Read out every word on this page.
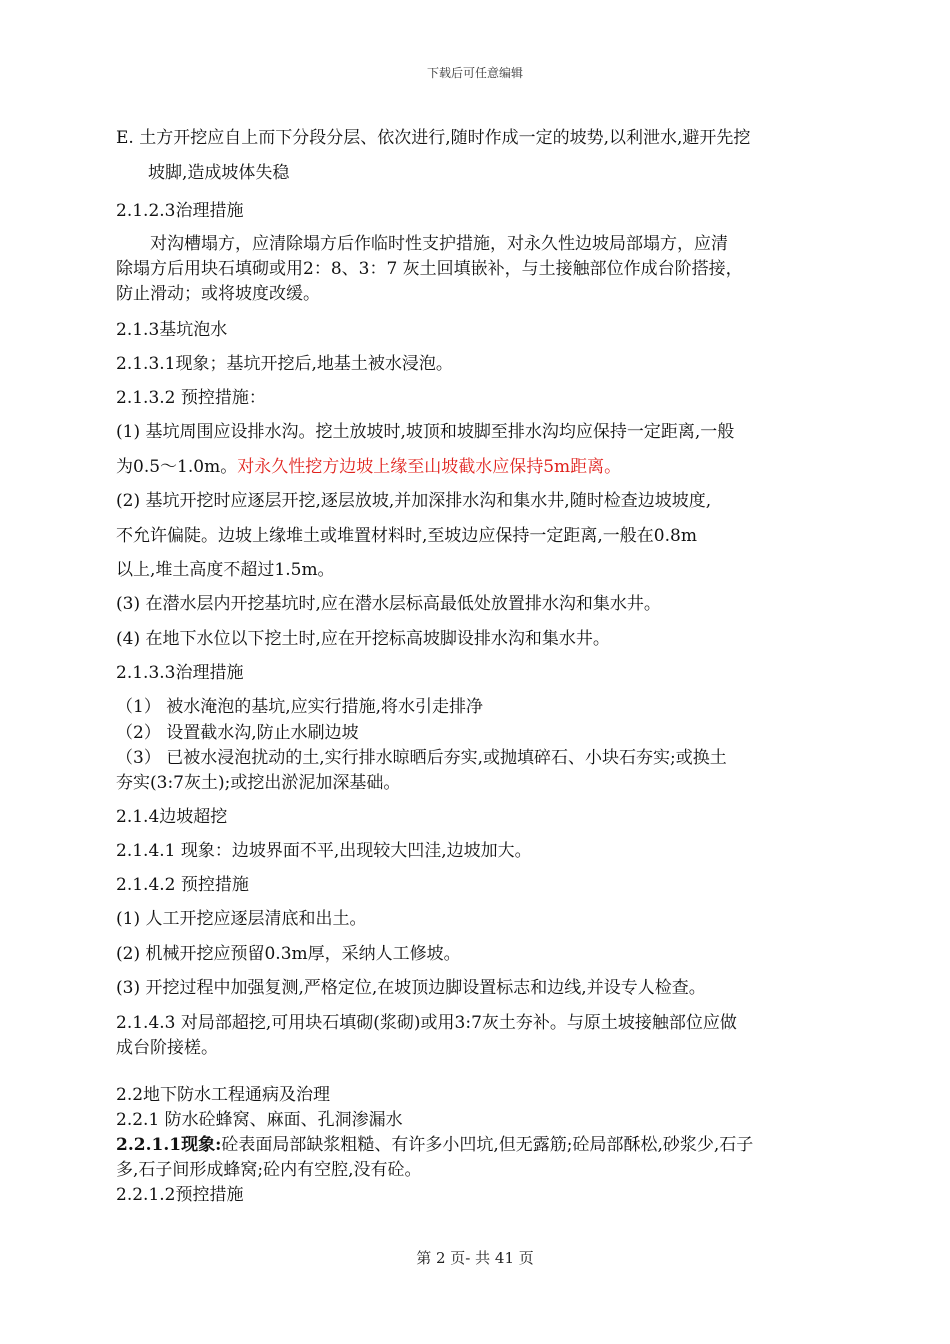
下载后可任意编辑
E. 土方开挖应自上而下分段分层、依次进行,随时作成一定的坡势,以利泄水,避开先挖
坡脚,造成坡体失稳
2.1.2.3治理措施
对沟槽塌方，应清除塌方后作临时性支护措施，对永久性边坡局部塌方，应清
除塌方后用块石填砌或用2：8、3：7 灰土回填嵌补，与土接触部位作成台阶搭接，
防止滑动；或将坡度改缓。
2.1.3基坑泡水
2.1.3.1现象；基坑开挖后,地基土被水浸泡。
2.1.3.2 预控措施：
(1) 基坑周围应设排水沟。挖土放坡时,坡顶和坡脚至排水沟均应保持一定距离,一般
为0.5～1.0m。对永久性挖方边坡上缘至山坡截水应保持5m距离。
(2) 基坑开挖时应逐层开挖,逐层放坡,并加深排水沟和集水井,随时检查边坡坡度,
不允许偏陡。边坡上缘堆土或堆置材料时,至坡边应保持一定距离,一般在0.8m
以上,堆土高度不超过1.5m。
(3) 在潜水层内开挖基坑时,应在潜水层标高最低处放置排水沟和集水井。
(4) 在地下水位以下挖土时,应在开挖标高坡脚设排水沟和集水井。
2.1.3.3治理措施
（1） 被水淹泡的基坑,应实行措施,将水引走排净
（2） 设置截水沟,防止水刷边坡
（3） 已被水浸泡扰动的土,实行排水晾晒后夯实,或抛填碎石、小块石夯实;或换土
夯实(3:7灰土);或挖出淤泥加深基础。
2.1.4边坡超挖
2.1.4.1 现象：边坡界面不平,出现较大凹洼,边坡加大。
2.1.4.2 预控措施
(1) 人工开挖应逐层清底和出土。
(2) 机械开挖应预留0.3m厚，采纳人工修坡。
(3) 开挖过程中加强复测,严格定位,在坡顶边脚设置标志和边线,并设专人检查。
2.1.4.3 对局部超挖,可用块石填砌(浆砌)或用3:7灰土夯补。与原土坡接触部位应做
成台阶接槎。
2.2地下防水工程通病及治理
2.2.1 防水砼蜂窝、麻面、孔洞渗漏水
2.2.1.1现象:砼表面局部缺浆粗糙、有许多小凹坑,但无露筋;砼局部酥松,砂浆少,石子
多,石子间形成蜂窝;砼内有空腔,没有砼。
2.2.1.2预控措施
第 2 页- 共 41 页
